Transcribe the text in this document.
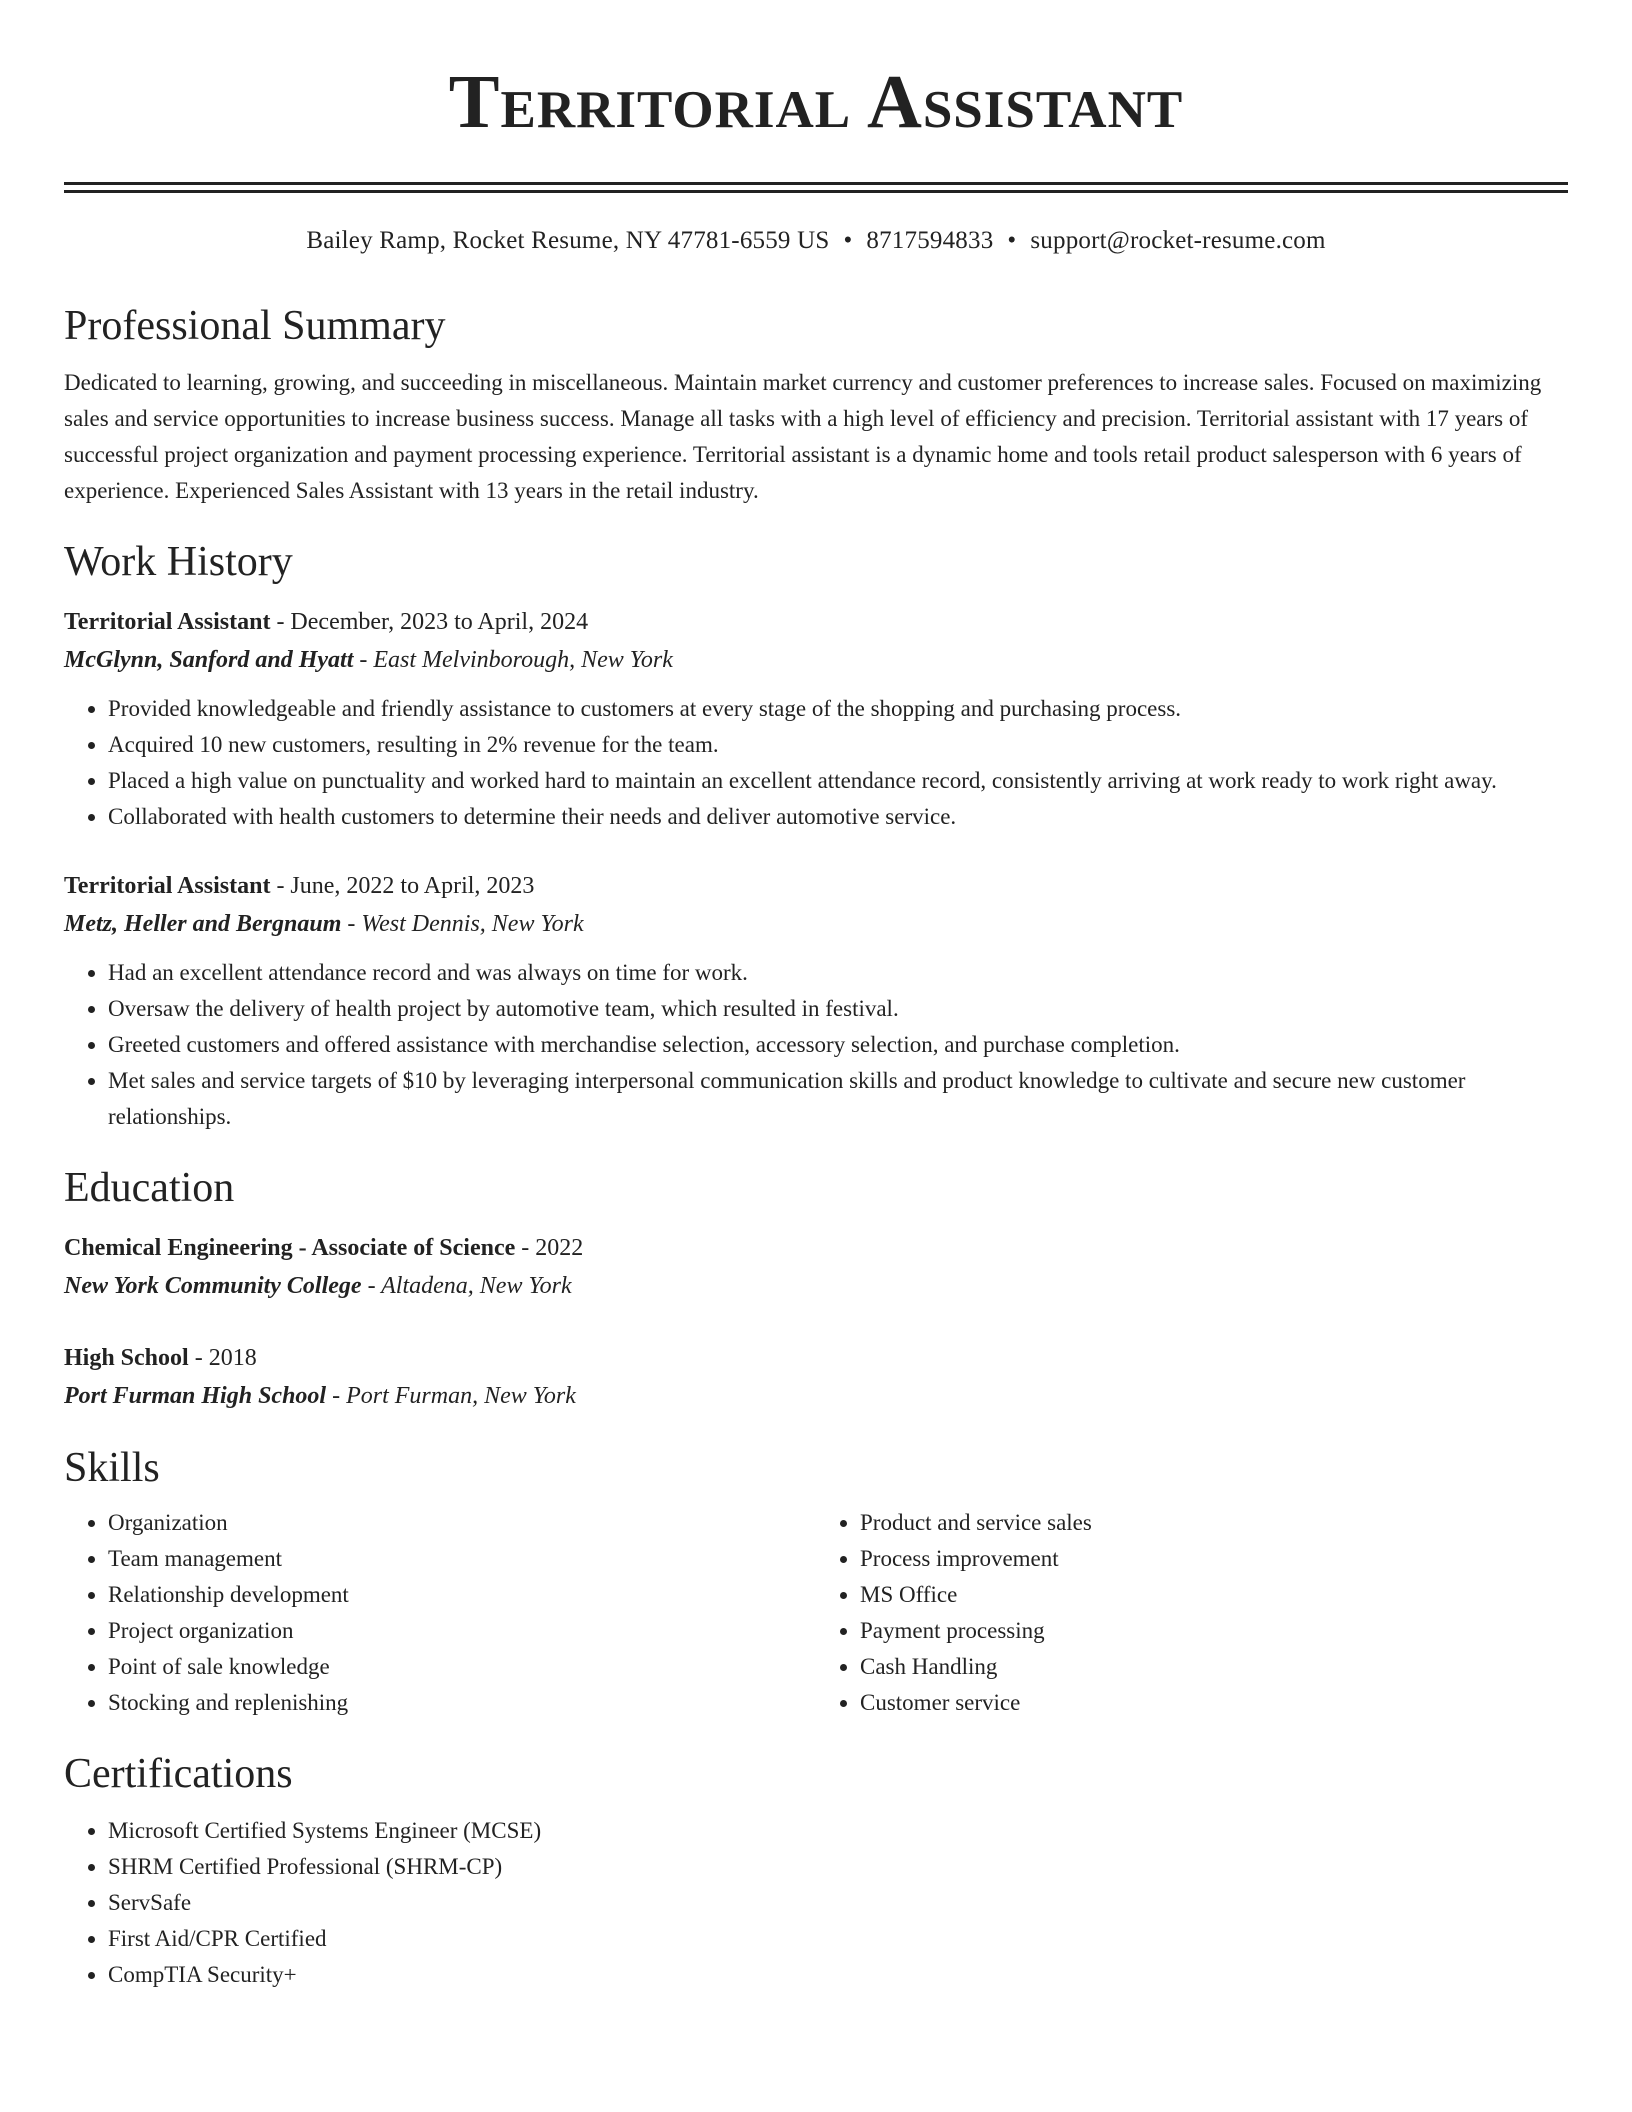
Territorial Assistant
Bailey Ramp, Rocket Resume, NY 47781-6559 US • 8717594833 • support@rocket-resume.com
Professional Summary
Dedicated to learning, growing, and succeeding in miscellaneous. Maintain market currency and customer preferences to increase sales. Focused on maximizing sales and service opportunities to increase business success. Manage all tasks with a high level of efficiency and precision. Territorial assistant with 17 years of successful project organization and payment processing experience. Territorial assistant is a dynamic home and tools retail product salesperson with 6 years of experience. Experienced Sales Assistant with 13 years in the retail industry.
Work History
Territorial Assistant - December, 2023 to April, 2024
McGlynn, Sanford and Hyatt - East Melvinborough, New York
• Provided knowledgeable and friendly assistance to customers at every stage of the shopping and purchasing process.
• Acquired 10 new customers, resulting in 2% revenue for the team.
• Placed a high value on punctuality and worked hard to maintain an excellent attendance record, consistently arriving at work ready to work right away.
• Collaborated with health customers to determine their needs and deliver automotive service.
Territorial Assistant - June, 2022 to April, 2023
Metz, Heller and Bergnaum - West Dennis, New York
• Had an excellent attendance record and was always on time for work.
• Oversaw the delivery of health project by automotive team, which resulted in festival.
• Greeted customers and offered assistance with merchandise selection, accessory selection, and purchase completion.
• Met sales and service targets of $10 by leveraging interpersonal communication skills and product knowledge to cultivate and secure new customer relationships.
Education
Chemical Engineering - Associate of Science - 2022
New York Community College - Altadena, New York
High School - 2018
Port Furman High School - Port Furman, New York
Skills
• Organization
• Team management
• Relationship development
• Project organization
• Point of sale knowledge
• Stocking and replenishing
• Product and service sales
• Process improvement
• MS Office
• Payment processing
• Cash Handling
• Customer service
Certifications
• Microsoft Certified Systems Engineer (MCSE)
• SHRM Certified Professional (SHRM-CP)
• ServSafe
• First Aid/CPR Certified
• CompTIA Security+
